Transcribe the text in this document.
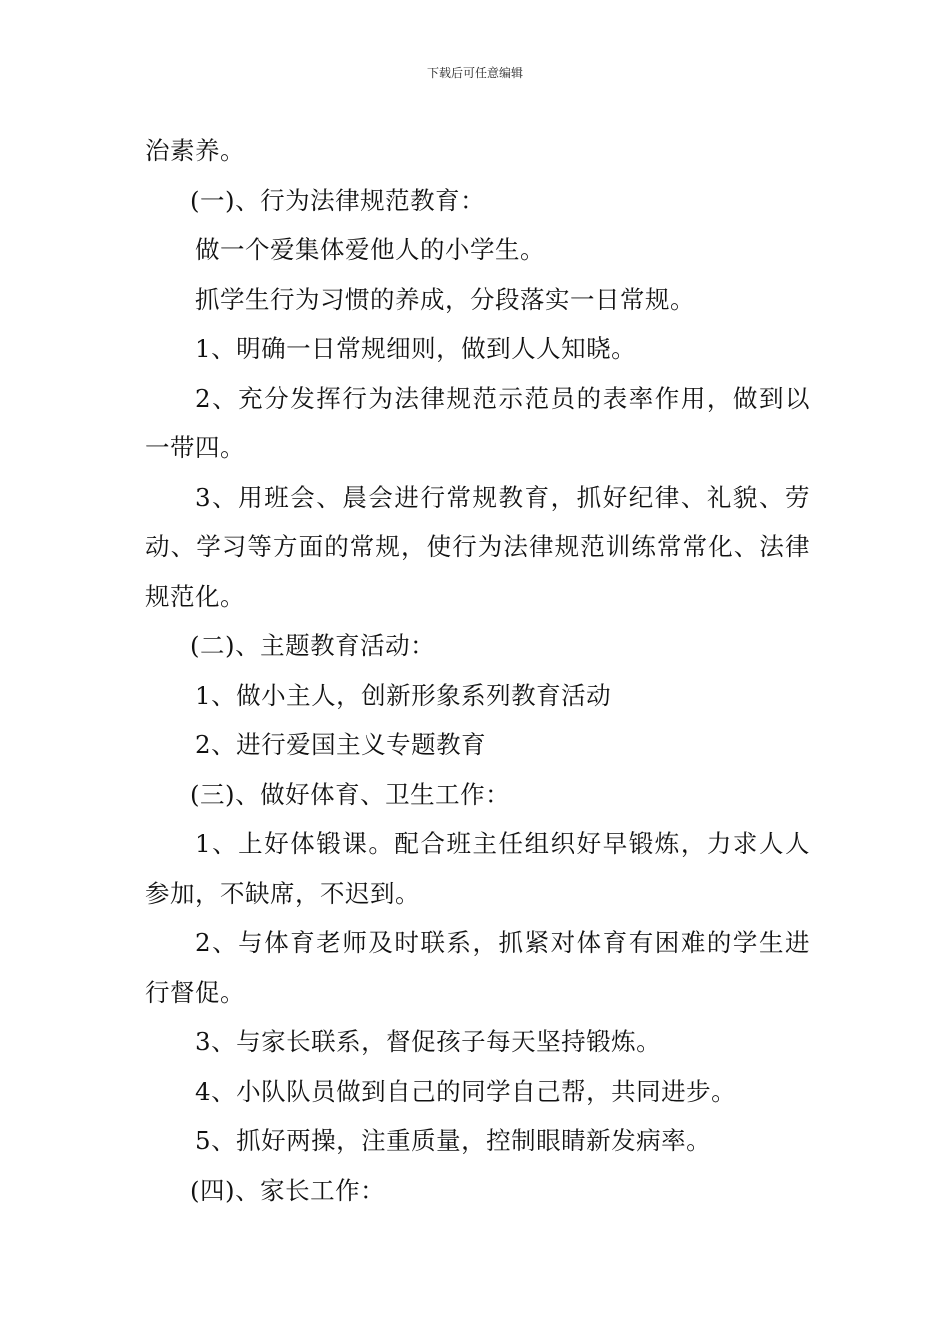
下载后可任意编辑

治素养。

(一)、行为法律规范教育：

做一个爱集体爱他人的小学生。

抓学生行为习惯的养成，分段落实一日常规。

1、明确一日常规细则，做到人人知晓。

2、充分发挥行为法律规范示范员的表率作用，做到以一带四。

3、用班会、晨会进行常规教育，抓好纪律、礼貌、劳动、学习等方面的常规，使行为法律规范训练常常化、法律规范化。

(二)、主题教育活动：

1、做小主人，创新形象系列教育活动

2、进行爱国主义专题教育

(三)、做好体育、卫生工作：

1、上好体锻课。配合班主任组织好早锻炼，力求人人参加，不缺席，不迟到。

2、与体育老师及时联系，抓紧对体育有困难的学生进行督促。

3、与家长联系，督促孩子每天坚持锻炼。

4、小队队员做到自己的同学自己帮，共同进步。

5、抓好两操，注重质量，控制眼睛新发病率。

(四)、家长工作：
